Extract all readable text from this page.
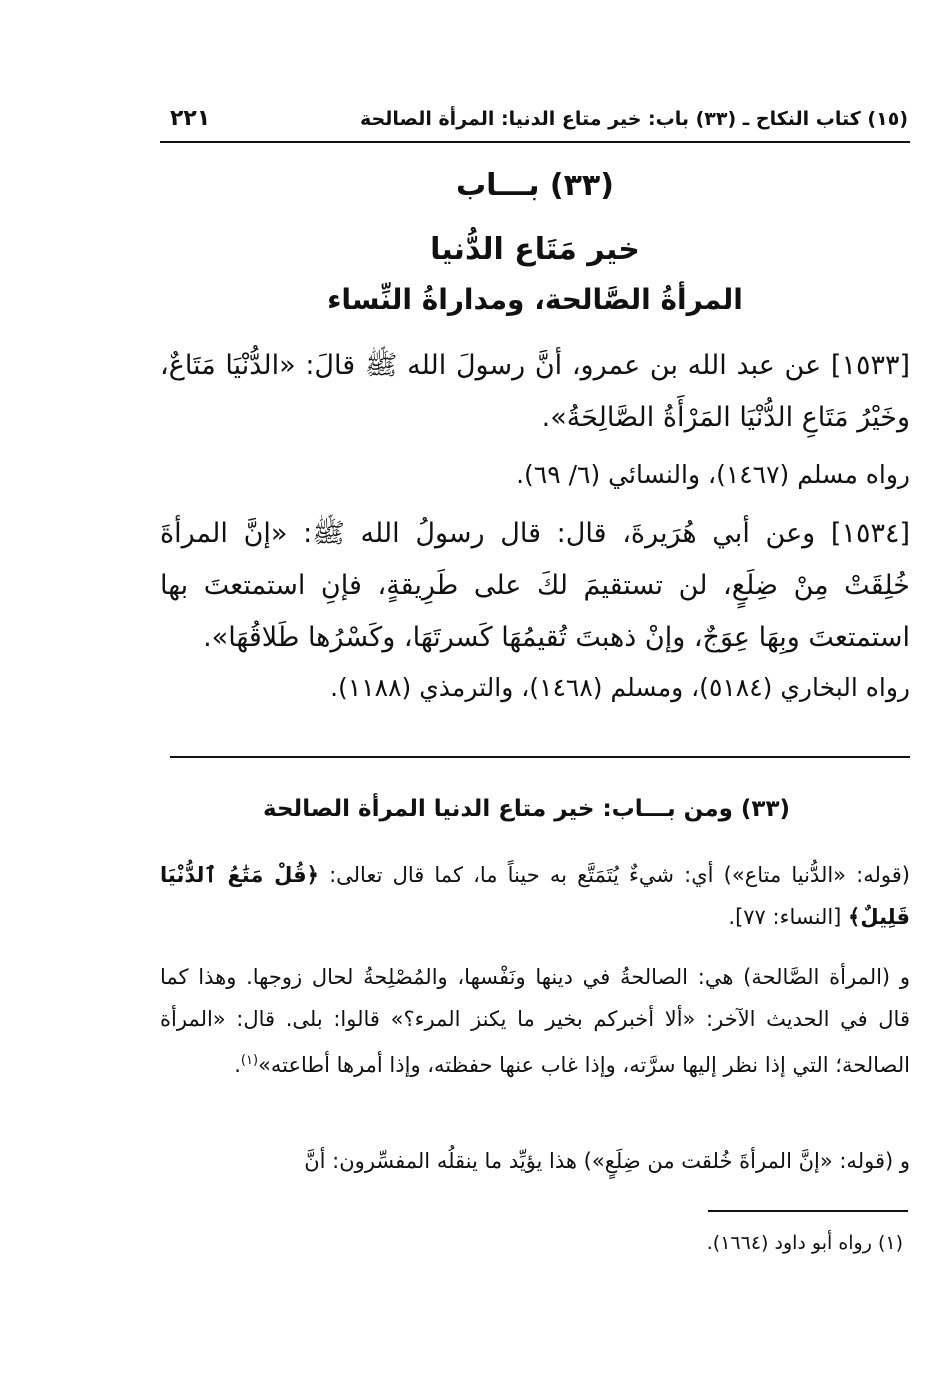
(١٥) كتاب النكاح ـ (٣٣) باب: خير متاع الدنيا: المرأة الصالحة
٢٢١
(٣٣) بـــاب
خير مَتَاع الدُّنيا
المرأةُ الصَّالحة، ومداراةُ النِّساء
[١٥٣٣] عن عبد الله بن عمرو، أنَّ رسولَ الله ﷺ قالَ: «الدُّنْيَا مَتَاعٌ، وخَيْرُ مَتَاعِ الدُّنْيَا المَرْأَةُ الصَّالِحَةُ».
رواه مسلم (١٤٦٧)، والنسائي (٦/ ٦٩).
[١٥٣٤] وعن أبي هُرَيرةَ، قال: قال رسولُ الله ﷺ: «إنَّ المرأةَ خُلِقَتْ مِنْ ضِلَعٍ، لن تستقيمَ لكَ على طَرِيقةٍ، فإنِ استمتعتَ بها استمتعتَ وبِهَا عِوَجٌ، وإنْ ذهبتَ تُقيمُهَا كَسرتَهَا، وكَسْرُها طَلاقُهَا».
رواه البخاري (٥١٨٤)، ومسلم (١٤٦٨)، والترمذي (١١٨٨).
(٣٣) ومن بـــاب: خير متاع الدنيا المرأة الصالحة
(قوله: «الدُّنيا متاع») أي: شيءٌ يُتَمَتَّع به حيناً ما، كما قال تعالى: ﴿قُلْ مَتَٰعُ ٱلدُّنْيَا قَلِيلٌ﴾ [النساء: ٧٧].
و (المرأة الصَّالحة) هي: الصالحةُ في دينها ونَفْسها، والمُصْلِحةُ لحال زوجها. وهذا كما قال في الحديث الآخر: «ألا أخبركم بخير ما يكنز المرء؟» قالوا: بلى. قال: «المرأة الصالحة؛ التي إذا نظر إليها سرَّته، وإذا غاب عنها حفظته، وإذا أمرها أطاعته»$^{(١)}$.
و (قوله: «إنَّ المرأةَ خُلقت من ضِلَعٍ») هذا يؤيِّد ما ينقلُه المفسِّرون: أنَّ
(١) رواه أبو داود (١٦٦٤).
